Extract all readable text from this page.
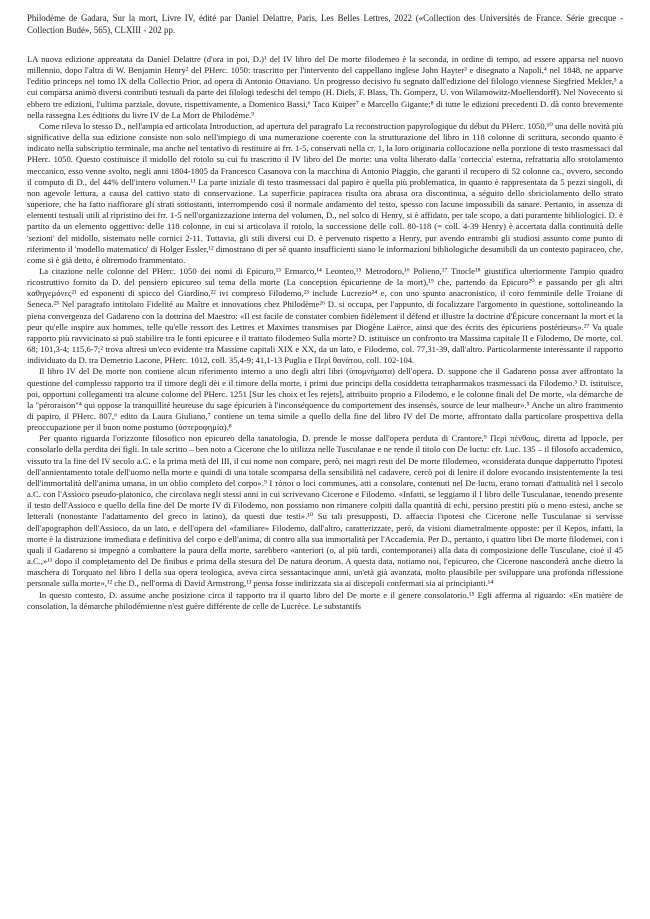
Philodème de Gadara, Sur la mort, Livre IV, édité par Daniel Delattre, Paris, Les Belles Lettres, 2022 («Collection des Universités de France. Série grecque - Collection Budé», 565), CLXIII - 202 pp.

LA nuova edizione appreatata da Daniel Delattre (d'ora in poi, D.)¹ del IV libro del De morte filodemeo è la seconda, in ordine di tempo, ad essere apparsa nel nuovo millennio, dopo l'altra di W. Benjamin Henry² del PHerc. 1050: trascritto per l'intervento del cappellano inglese John Hayter³ e disegnato a Napoli,⁴ nel 1848, ne apparve l'editio princeps nel tomo IX della Collectio Prior, ad opera di Antonio Ottaviano. Un progresso decisivo fu segnato dall'edizione del filologo viennese Siegfried Mekler,⁵ a cui comparsa animò diversi contributi testuali da parte dei filologi tedeschi del tempo (H. Diels, F. Blass, Th. Gomperz, U. von Wilamowitz-Moellendorff). Nel Novecento si ebbero tre edizioni, l'ultima parziale, dovute, rispettivamente, a Domenico Bassi,⁶ Taco Kuiper⁷ e Marcello Gigante:⁸ di tutte le edizioni precedenti D. dà conto brevemente nella rassegna Les éditions du livre IV de La Mort de Philodème.⁹

Come rileva lo stesso D., nell'ampia ed articolata Introduction, ad apertura del paragrafo La reconstruction papyrologique du début du PHerc. 1050,¹⁰ una delle novità più significative della sua edizione consiste non solo nell'impiego di una numerazione coerente con la strutturazione del libro in 118 colonne di scrittura, secondo quanto è indicato nella subscriptio terminale, ma anche nel tentativo di restituire ai frr. 1-5, conservati nella cr. 1, la loro originaria collocazione nella porzione di testo trasmessaci dal PHerc. 1050. Questo costituisce il midollo del rotolo su cui fu trascritto il IV libro del De morte: una volta liberato dalla 'corteccia' esterna, refrattaria allo srotolamento meccanico, esso venne svolto, negli anni 1804-1805 da Francesco Casanova con la macchina di Antonio Piaggio, che garantì il recupero di 52 colonne ca., ovvero, secondo il computo di D., del 44% dell'intero volumen.¹¹ La parte iniziale di testo trasmessaci dal papiro è quella più problematica, in quanto è rappresentata da 5 pezzi singoli, di non agevole lettura, a causa del cattivo stato di conservazione. La superficie papiracea risulta ora abrasa ora discontinua, a séguito dello sbriciolamento dello strato superiore, che ha fatto riaffiorare gli strati sottostanti, interrompendo così il normale andamento del testo, spesso con lacune impossibili da sanare. Pertanto, in assenza di elementi testuali utili al ripristino dei frr. 1-5 nell'organizzazione interna del volumen, D., nel solco di Henry, si è affidato, per tale scopo, a dati puramente bibliologici. D. è partito da un elemento oggettivo: delle 118 colonne, in cui si articolava il rotolo, la successione delle coll. 80-118 (= coll. 4-39 Henry) è accertata dalla continuità delle 'sezioni' del midollo, sistemato nelle cornici 2-11. Tuttavia, gli stili diversi cui D. è pervenuto rispetto a Henry, pur avendo entrambi gli studiosi assunto come punto di riferimento il 'modello matematico' di Holger Essler,¹² dimostrano di per sé quanto insufficienti siano le informazioni bibliologiche desumibili da un contesto papiraceo, che, come si è già detto, è oltremodo frammentato.

La citazione nelle colonne del PHerc. 1050 dei nomi di Epicuro,¹³ Ermarco,¹⁴ Leonteo,¹⁵ Metrodoro,¹⁶ Polieno,¹⁷ Titocle¹⁸ giustifica ulteriormente l'ampio quadro ricostruttivo fornito da D. del pensiero epicureo sul tema della morte (La conception épicurienne de la mort),¹⁹ che, partendo da Epicuro²⁰ e passando per gli altri καθηγεμόνες²¹ ed esponenti di spicco del Giardino,²² ivi compreso Filodemo,²³ include Lucrezio²⁴ e, con uno spunto anacronistico, il coro femminile delle Troiane di Seneca.²⁵ Nel paragrafo intitolato Fidelité au Maître et innovations chez Philodème²⁶ D. si occupa, per l'appunto, di focalizzare l'argomento in questione, sottolineando la piena convergenza del Gadareno con la dottrina del Maestro: «Il est facile de constater combien fidèlement il défend et illustre la doctrine d'Épicure concernant la mort et la peur qu'elle inspire aux hommes, telle qu'elle ressort des Lettres et Maximes transmises par Diogène Laërce, ainsi que des écrits des épicuriens postérieurs».²⁷ Va quale rapporto più ravvicinato si può stabilire tra le fonti epicuree e il trattato filodemeo Sulla morte? D. istituisce un confronto tra Massima capitale II e Filodemo, De morte, col. 68; 101,3-4; 115,6-7;² trova altresì un'eco evidente tra Massime capitali XIX e XX, da un lato, e Filodemo, col. 77,31-39, dall'altro. Particolarmente interessante il rapporto individuato da D. tra Demetrio Lacone, PHerc. 1012, coll. 35,4-9; 41,1-13 Puglia e Περὶ θανάτου, coll. 102-104.

Il libro IV del De morte non contiene alcun riferimento interno a uno degli altri libri (ὑπομνήματα) dell'opera. D. suppone che il Gadareno possa aver affrontato la questione del complesso rapporto tra il timore degli dèi e il timore della morte, i primi due principi della cosiddetta tetrapharmakos trasmessaci da Filodemo.³ D. istituisce, poi, opportuni collegamenti tra alcune colonne del PHerc. 1251 [Sur les choix et les rejets], attribuito proprio a Filodemo, e le colonne finali del De morte, «la démarche de la "péroraison"⁴ qui oppose la tranquillité heureuse du sage épicurien à l'inconséquence du comportement des insensés, source de leur malheur».⁵ Anche un altro frammento di papiro, il PHerc. 807,⁶ edito da Laura Giuliano,⁷ contiene un tema simile a quello della fine del libro IV del De morte, affrontato dalla particolare prospettiva della preoccupazione per il buon nome postumo (ὑστεροφημία).⁸

Per quanto riguarda l'orizzonte filosofico non epicureo della tanatologia, D. prende le mosse dall'opera perduta di Crantore,⁹ Περὶ πένθους, diretta ad Ippocle, per consolarlo della perdita dei figli. In tale scritto – ben noto a Cicerone che lo utilizza nelle Tusculanae e ne rende il titolo con De luctu: cfr. Luc. 135 – il filosofo accademico, vissuto tra la fine del IV secolo a.C. e la prima metà del III, il cui nome non compare, però, nei magri resti del De morte filodemeo, «considerata dunque dappertutto l'ipotesi dell'annientamento totale dell'uomo nella morte e quindi di una totale scomparsa della sensibilità nel cadavere, cercò poi di lenire il dolore evocando insistentemente la tesi dell'immortalità dell'anima umana, in un oblio completo del corpo».⁹ I τόποι o loci communes, atti a consolare, contenuti nel De luctu, erano tornati d'attualità nel I secolo a.C. con l'Assioco pseudo-platonico, che circolava negli stessi anni in cui scrivevano Cicerone e Filodemo. «Infatti, se leggiamo il I libro delle Tusculanae, tenendo presente il testo dell'Assioco e quello della fine del De morte IV di Filodemo, non possiamo non rimanere colpiti dalla quantità di echi, persino prestiti più o meno estesi, anche se letterali (nonostante l'adattamento del greco in latino), da questi due testi».¹⁰ Su tali presupposti, D. affaccia l'ipotesi che Cicerone nelle Tusculanae si servisse dell'apographon dell'Assioco, da un lato, e dell'opera del «familiare» Filodemo, dall'altro, caratterizzate, però, da visioni diametralmente opposte: per il Kepos, infatti, la morte è la distruzione immediata e definitiva del corpo e dell'anima, di contro alla sua immortalità per l'Accademia. Per D., pertanto, i quattro libri De morte filodemei, con i quali il Gadareno si impegnò a combattere la paura della morte, sarebbero «anteriori (o, al più tardi, contemporanei) alla data di composizione delle Tusculane, cioè il 45 a.C.,»¹¹ dopo il completamento del De finibus e prima della stesura del De natura deorum. A questa data, notiamo noi, l'epicureo, che Cicerone nasconderà anche dietro la maschera di Torquato nel libro I della sua opera teologica, aveva circa sessantacinque anni, un'età già avanzata, molto plausibile per sviluppare una profonda riflessione personale sulla morte»,¹² che D., nell'orma di David Armstrong,¹³ pensa fosse indirizzata sia ai discepoli confermati sia ai principianti.¹⁴

In questo contesto, D. assume anche posizione circa il rapporto tra il quarto libro del De morte e il genere consolatorio.¹⁵ Egli afferma al riguardo: «En matière de consolation, la démarche philodémienne n'est guère différente de celle de Lucrèce. Le substantifs
